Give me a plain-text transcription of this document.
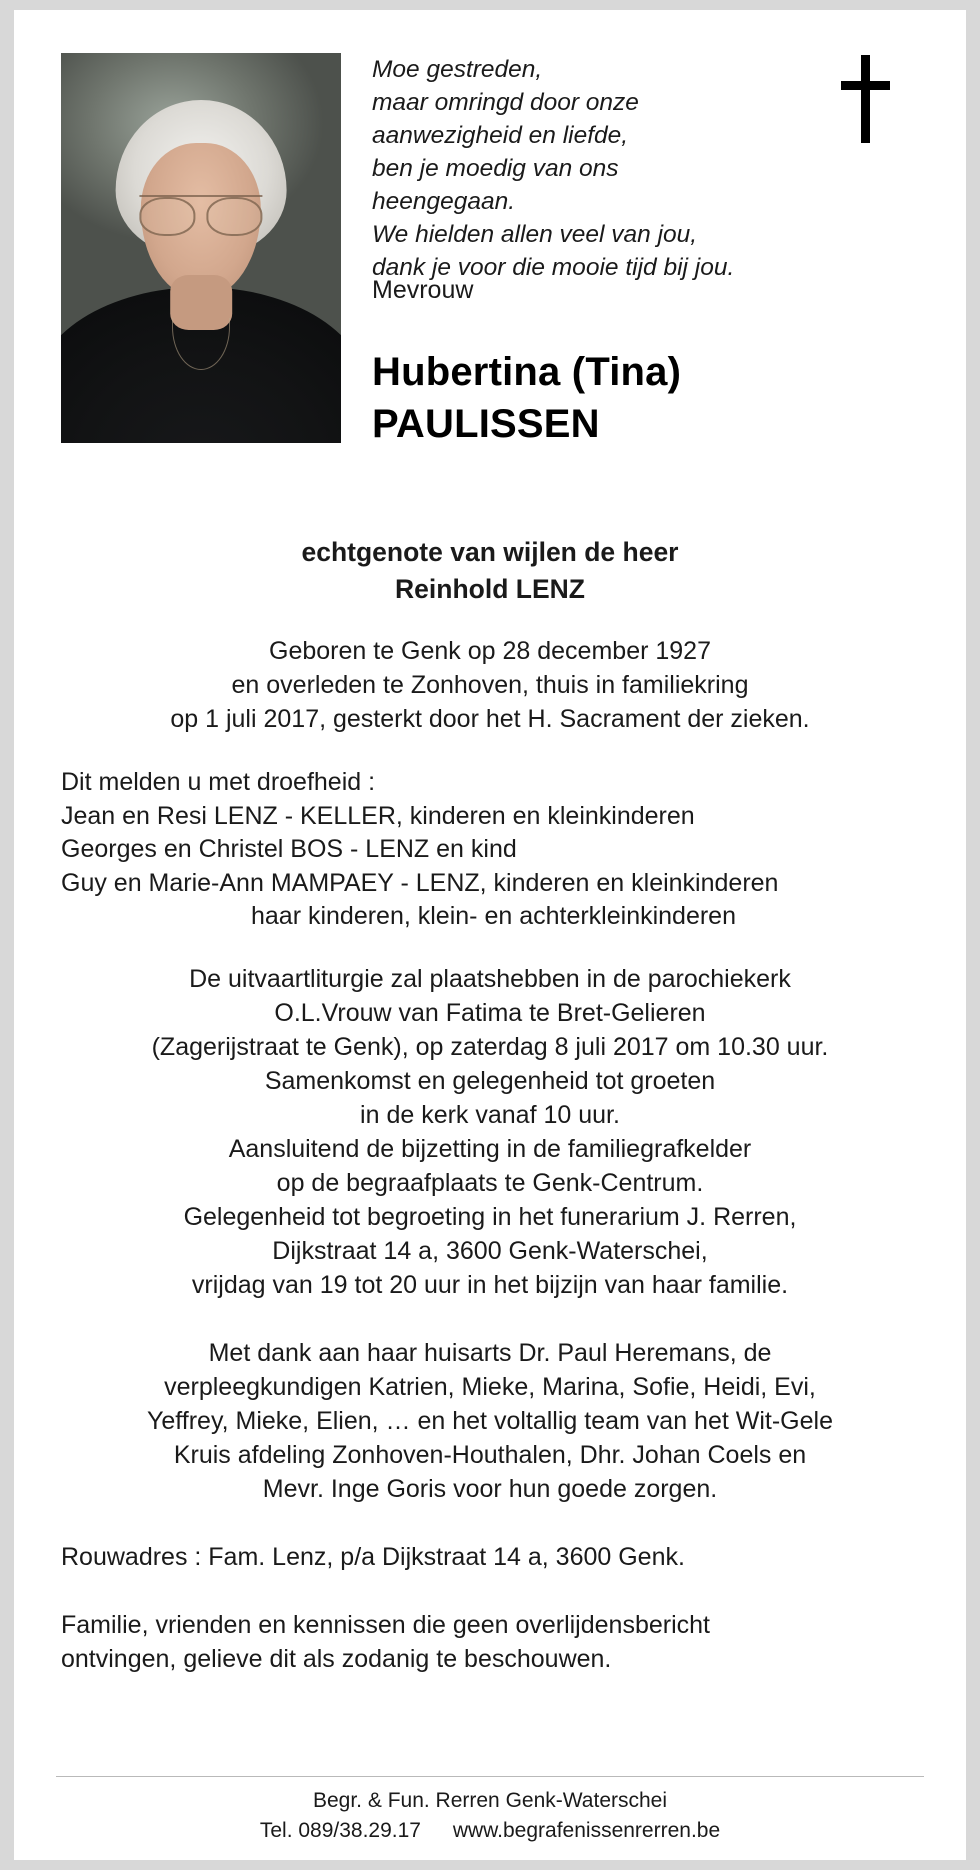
Moe gestreden,
maar omringd door onze
aanwezigheid en liefde,
ben je moedig van ons
heengegaan.
We hielden allen veel van jou,
dank je voor die mooie tijd bij jou.
Mevrouw
Hubertina (Tina)
PAULISSEN
echtgenote van wijlen de heer
Reinhold LENZ
Geboren te Genk op 28 december 1927
en overleden te Zonhoven, thuis in familiekring
op 1 juli 2017, gesterkt door het H. Sacrament der zieken.
Dit melden u met droefheid :
Jean en Resi LENZ - KELLER, kinderen en kleinkinderen
Georges en Christel BOS - LENZ en kind
Guy en Marie-Ann MAMPAEY - LENZ, kinderen en kleinkinderen
haar kinderen, klein- en achterkleinkinderen
De uitvaartliturgie zal plaatshebben in de parochiekerk
O.L.Vrouw van Fatima te Bret-Gelieren
(Zagerijstraat te Genk), op zaterdag 8 juli 2017 om 10.30 uur.
Samenkomst en gelegenheid tot groeten
in de kerk vanaf 10 uur.
Aansluitend de bijzetting in de familiegrafkelder
op de begraafplaats te Genk-Centrum.
Gelegenheid tot begroeting in het funerarium J. Rerren,
Dijkstraat 14 a, 3600 Genk-Waterschei,
vrijdag van 19 tot 20 uur in het bijzijn van haar familie.
Met dank aan haar huisarts Dr. Paul Heremans, de
verpleegkundigen Katrien, Mieke, Marina, Sofie, Heidi, Evi,
Yeffrey, Mieke, Elien, … en het voltallig team van het Wit-Gele
Kruis afdeling Zonhoven-Houthalen, Dhr. Johan Coels en
Mevr. Inge Goris voor hun goede zorgen.
Rouwadres : Fam. Lenz, p/a Dijkstraat 14 a, 3600 Genk.
Familie, vrienden en kennissen die geen overlijdensbericht
ontvingen, gelieve dit als zodanig te beschouwen.
Begr. & Fun. Rerren Genk-Waterschei
Tel. 089/38.29.17 www.begrafenissenrerren.be
